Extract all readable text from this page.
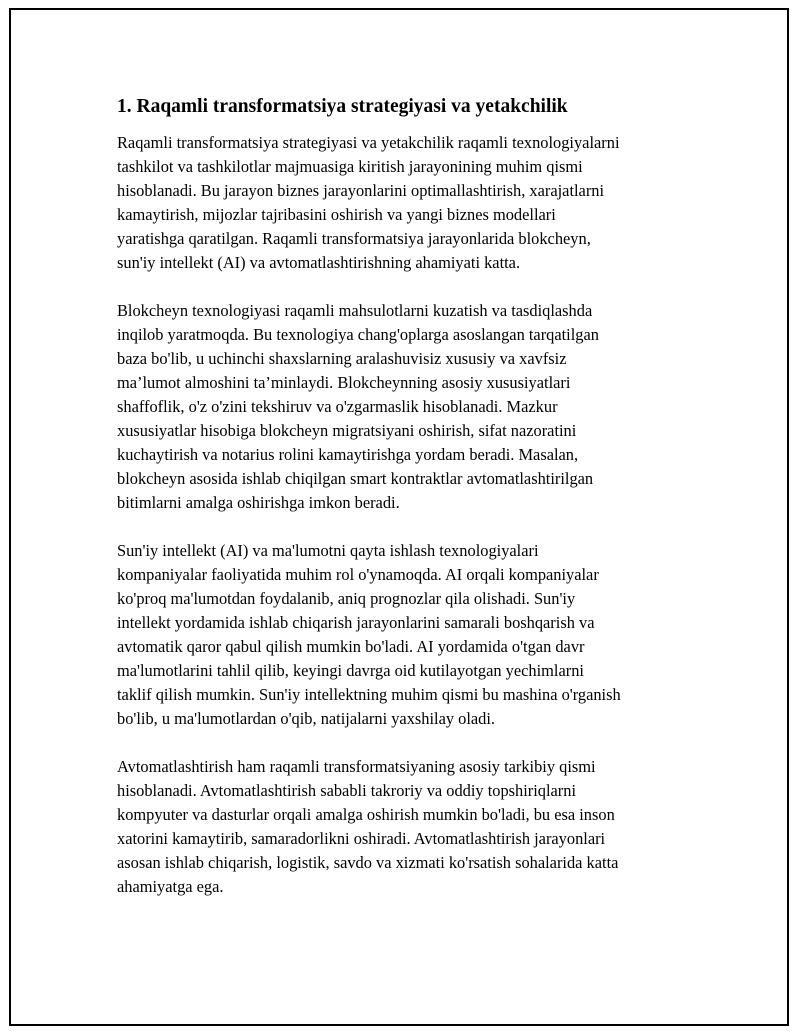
1. Raqamli transformatsiya strategiyasi va yetakchilik

Raqamli transformatsiya strategiyasi va yetakchilik raqamli texnologiyalarni
tashkilot va tashkilotlar majmuasiga kiritish jarayonining muhim qismi
hisoblanadi. Bu jarayon biznes jarayonlarini optimallashtirish, xarajatlarni
kamaytirish, mijozlar tajribasini oshirish va yangi biznes modellari
yaratishga qaratilgan. Raqamli transformatsiya jarayonlarida blokcheyn,
sun'iy intellekt (AI) va avtomatlashtirishning ahamiyati katta.

Blokcheyn texnologiyasi raqamli mahsulotlarni kuzatish va tasdiqlashda
inqilob yaratmoqda. Bu texnologiya chang'oplarga asoslangan tarqatilgan
baza bo'lib, u uchinchi shaxslarning aralashuvisiz xususiy va xavfsiz
ma’lumot almoshini ta’minlaydi. Blokcheynning asosiy xususiyatlari
shaffoflik, o'z o'zini tekshiruv va o'zgarmaslik hisoblanadi. Mazkur
xususiyatlar hisobiga blokcheyn migratsiyani oshirish, sifat nazoratini
kuchaytirish va notarius rolini kamaytirishga yordam beradi. Masalan,
blokcheyn asosida ishlab chiqilgan smart kontraktlar avtomatlashtirilgan
bitimlarni amalga oshirishga imkon beradi.

Sun'iy intellekt (AI) va ma'lumotni qayta ishlash texnologiyalari
kompaniyalar faoliyatida muhim rol o'ynamoqda. AI orqali kompaniyalar
ko'proq ma'lumotdan foydalanib, aniq prognozlar qila olishadi. Sun'iy
intellekt yordamida ishlab chiqarish jarayonlarini samarali boshqarish va
avtomatik qaror qabul qilish mumkin bo'ladi. AI yordamida o'tgan davr
ma'lumotlarini tahlil qilib, keyingi davrga oid kutilayotgan yechimlarni
taklif qilish mumkin. Sun'iy intellektning muhim qismi bu mashina o'rganish
bo'lib, u ma'lumotlardan o'qib, natijalarni yaxshilay oladi.

Avtomatlashtirish ham raqamli transformatsiyaning asosiy tarkibiy qismi
hisoblanadi. Avtomatlashtirish sababli takroriy va oddiy topshiriqlarni
kompyuter va dasturlar orqali amalga oshirish mumkin bo'ladi, bu esa inson
xatorini kamaytirib, samaradorlikni oshiradi. Avtomatlashtirish jarayonlari
asosan ishlab chiqarish, logistik, savdo va xizmati ko'rsatish sohalarida katta
ahamiyatga ega.
